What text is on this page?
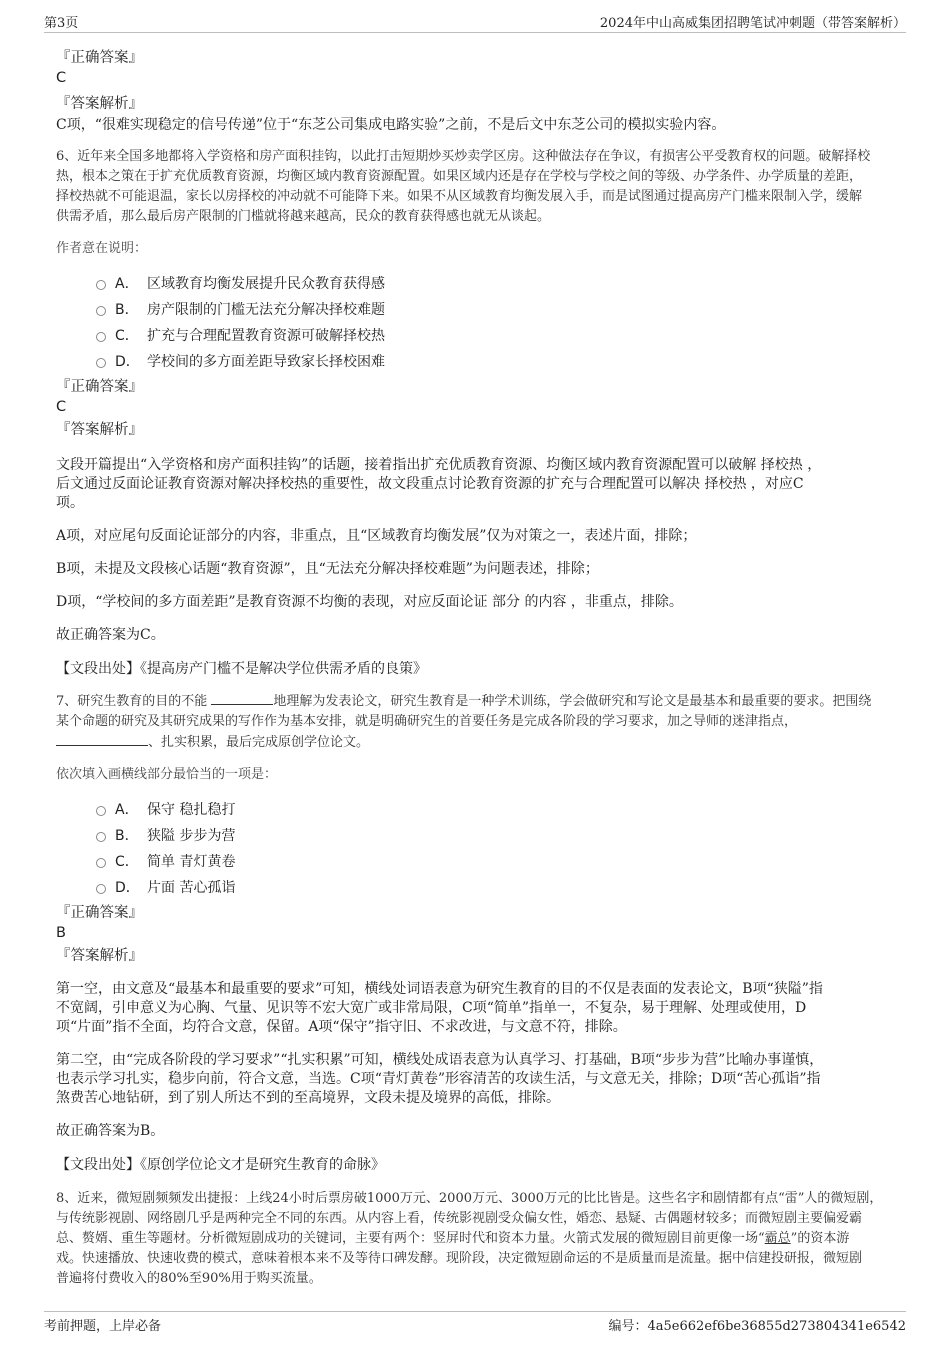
第3页	2024年中山高威集团招聘笔试冲刺题（带答案解析）
『正确答案』
C
『答案解析』
C项，“很难实现稳定的信号传递”位于“东芝公司集成电路实验”之前，不是后文中东芝公司的模拟实验内容。
6、近年来全国多地都将入学资格和房产面积挂钩，以此打击短期炒买炒卖学区房。这种做法存在争议，有损害公平受教育权的问题。破解择校
热，根本之策在于扩充优质教育资源，均衡区域内教育资源配置。如果区域内还是存在学校与学校之间的等级、办学条件、办学质量的差距，
择校热就不可能退温，家长以房择校的冲动就不可能降下来。如果不从区域教育均衡发展入手，而是试图通过提高房产门槛来限制入学，缓解
供需矛盾，那么最后房产限制的门槛就将越来越高，民众的教育获得感也就无从谈起。
作者意在说明：
A． 区域教育均衡发展提升民众教育获得感
B． 房产限制的门槛无法充分解决择校难题
C． 扩充与合理配置教育资源可破解择校热
D． 学校间的多方面差距导致家长择校困难
『正确答案』
C
『答案解析』
文段开篇提出“入学资格和房产面积挂钩”的话题，接着指出扩充优质教育资源、均衡区域内教育资源配置可以破解 择校热 ，
后文通过反面论证教育资源对解决择校热的重要性，故文段重点讨论教育资源的扩充与合理配置可以解决 择校热 ，对应C
项。
A项，对应尾句反面论证部分的内容，非重点，且“区域教育均衡发展”仅为对策之一，表述片面，排除；
B项，未提及文段核心话题“教育资源”，且“无法充分解决择校难题”为问题表述，排除；
D项，“学校间的多方面差距”是教育资源不均衡的表现，对应反面论证 部分 的内容 ，非重点，排除。
故正确答案为C。
【文段出处】《提高房产门槛不是解决学位供需矛盾的良策》
7、研究生教育的目的不能	地理解为发表论文，研究生教育是一种学术训练，学会做研究和写论文是最基本和最重要的要求。把围绕
某个命题的研究及其研究成果的写作作为基本安排，就是明确研究生的首要任务是完成各阶段的学习要求，加之导师的迷津指点，
、扎实积累，最后完成原创学位论文。
依次填入画横线部分最恰当的一项是：
A． 保守 稳扎稳打
B． 狭隘 步步为营
C． 简单 青灯黄卷
D． 片面 苦心孤诣
『正确答案』
B
『答案解析』
第一空，由文意及“最基本和最重要的要求”可知，横线处词语表意为研究生教育的目的不仅是表面的发表论文，B项“狭隘”指
不宽阔，引申意义为心胸、气量、见识等不宏大宽广或非常局限，C项“简单”指单一，不复杂，易于理解、处理或使用，D
项“片面”指不全面，均符合文意，保留。A项“保守”指守旧、不求改进，与文意不符，排除。
第二空，由“完成各阶段的学习要求”“扎实积累”可知，横线处成语表意为认真学习、打基础，B项“步步为营”比喻办事谨慎，
也表示学习扎实，稳步向前，符合文意，当选。C项“青灯黄卷”形容清苦的攻读生活，与文意无关，排除；D项“苦心孤诣”指
煞费苦心地钻研，到了别人所达不到的至高境界，文段未提及境界的高低，排除。
故正确答案为B。
【文段出处】《原创学位论文才是研究生教育的命脉》
8、近来，微短剧频频发出捷报：上线24小时后票房破1000万元、2000万元、3000万元的比比皆是。这些名字和剧情都有点“雷”人的微短剧，
与传统影视剧、网络剧几乎是两种完全不同的东西。从内容上看，传统影视剧受众偏女性，婚恋、悬疑、古偶题材较多；而微短剧主要偏爱霸
总、赘婿、重生等题材。分析微短剧成功的关键词，主要有两个：竖屏时代和资本力量。火箭式发展的微短剧目前更像一场“霸总”的资本游
戏。快速播放、快速收费的模式，意味着根本来不及等待口碑发酵。现阶段，决定微短剧命运的不是质量而是流量。据中信建投研报，微短剧
普遍将付费收入的80%至90%用于购买流量。
考前押题，上岸必备	编号：4a5e662ef6be36855d273804341e6542
